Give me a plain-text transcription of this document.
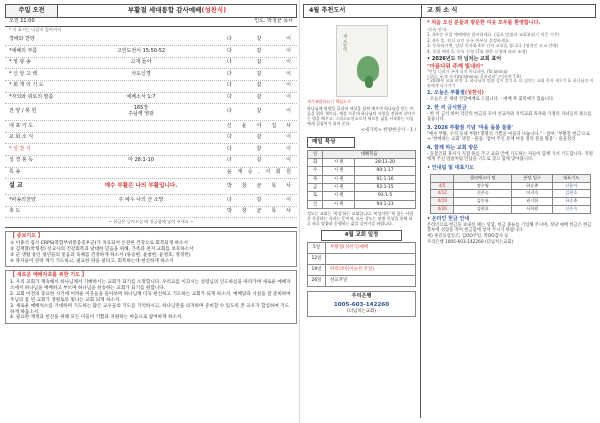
주일 오전	부활절 세대통합 감사예배 (성찬식)
오전 11:00	인도: 박창균 목사
* 이 표시는 다같이 일어서서
경배와 찬양	다	같	이
*예배의 부름	고린도전서 15:50-52	다	같	이
* 영 광 송	고개 들어	다	같	이
* 신 앙 고 백	사도신경	다	같	이
* 회 개 의 기 도	다	같	이
*자되와 위로의 말씀	예베소서 1:7	다	같	이
찬 양 / 봉 헌	165장
주님께 영광	다	같	이
대 표 기 도	신 윤 아 집 사
교 회 소 식	다	같	이
* 성 찬 식	다	같	이
성 경 봉 독	마 28:1-10	다	같	이
특 송	윤 재 승 , 서 회 원
설 교	예수 부활은 나의 부활입니다.	박 창 균 목 사
*파송의찬양	주 예수 나의 산 소망	다	같	이
축 도	박 창 균 목 사
~ 헌금은 들어오실 때 헌금함에 넣어 주세요 ~
【 중보기도 】

① 이종석 집사 CRPS(복합부위통증증후군)가 치료되어 온전한 건강으로 회복되게 하소서

② 김재환(박형정) 선교사의 건강회복과 달대한 믿음을 위해, 가족과 친지 교회를 보호하소서

③ 군 생활 중인 청년들의 믿음과 육체를 건강하게 하소서 (류승현, 윤창현, 윤정호, 정경빈)

④ 목자들이 연락 계기 기도하고, 필요한 양을 살피고, 회복하는데 헌신하게 하소서

【 새로운 예배자초를 위한 기도 】

1. 우리 교회가 계속해서 하나님께서 기뻐하시는 교회가 되기를 소망합니다. 우리교를 이끄시는 성령님의 인도하심을 따라가며 새로운 예배자소에서 하나님을 예배하고 부르며 하나님을 찬송하는 교회가 되기를 원합니다.

2. 교회 이전의 중요한 시기에 어려운 이웃들을 돌아보며 하나님께 더욱 헌신하고 기도하는 교회가 되게 하소서. 예배당과 시설을 잘 준비하여 주님의 몸 된 교회가 영원토록 빛나는 교회 되게 하소서.

3. 새로운 예배처소를 기대하며 기도하는 많은 교우들의 기도를 기억하시고, 하나님만을 의지하며 준비할 수 있도록 본 교우가 합심하여 기도하게 하옵소서.

4. 필요한 재정과 헌신을 위해 모든 이들이 기쁨과 자원하는 마음으로 참여하게 하소서.

4월 추천도서	교 회 소 식
새 사람이
새가족환하묘기 책임도서
하나님께 영광을 돌리며 세상을 힘써 배우며 하나님을 믿는 이들을 위한 책이다. 세상 가운데 하나님의 사랑을 전하며 살아가는 법을 배우고, 그리스도인으로서 새로운 삶을 시작하는 이들에게 길잡이가 되어 준다.
<새가족> 한양한산사 - 1 /
매일 묵상
일	대헤복음	
화	시 편	28:11-20
수	시 편	90:1-17
목	시 편	91:1-16
금	시 편	92:1-15
토	시 편	93:1-5
일	시 편	94:1-23
성도는 교회는 '복성'하는 교회입니다. 복성이란 '복 있는 사람은 묵상하는 자라는 뜻이며, 모든 성도는 말씀 묵상을 통해 하루 하루 말씀과 동행하는 삶을 살아가길 바랍니다.
4월 교회 일정
5일	부활절(성찬식)예배
12일	
19일	하폭의미(이슬찬 주일)
26일	선교주일
우리은행
1005-603-142260
(더넘치는교회)
* 처음 오신 분들과 방문한 이웃 모두를 환영합니다.
-등록 안내-
1. 4주간 주일 예배에만 참여하세요. (필요 말씀과 교회분위기 적응 기간)
2. 4주 후, 원식 교인 등록 여부를 결정하세요.
3. 등록하시면, 담당 목자와 4주 간의 교육을 합니다. (영적인 모교 안에)
4. 목장 배정 5. 등록 신청 (7회 행한 신청에 따라 조정)
• 2026년도 더 넘치는 교회 표어
"아름다워 주께 빛내라"
"만일 너희가 곤게 되지 아니하면, (Ta'amina)
너희는 굳게 서지(ta'amenu) 못하리라" (이사야 7:9)
* 2026년 교회 비전: 1. 하나님의 말씀 깊이 알기 2. 더 넘치는 교회 목자 세우기 3. 하나님의 이웃에게 다가가기
1. 오늘은 부활절(성찬식)
- 오늘은 온 세대 연합예배로 드립니다. - 예배 후 회복예가 있습니다.
2. 한 끼 금식헌금
- 한 끼 금식 하여 약간의 헌금을 모아 선교사와 지역교회 목자와 가정의 자녀들의 필요를 돕습니다.
3. 2026 부활절 기념 '마을 돌봄 물품'
"예수 부활, 우리 동네 부활! 명명의 기쁨을 마을과 나눕니다." - 참여: '부활절 헌금'으로 → '헌에따는 교회' 방문 - 물품: '참여 주신 분께 마을 정리 물품 활용' - 물품정리
4. 함께 하는 교회 방문
- 돌봄인회 목자가 직접 휴를 주고 교회 안에 기도하는 자들이 함께 가서 기도합니다. 직원에게 주신 말씀처럼 만남을 기도로 찾고 함께 맞아봅니다.
• 안내팀 및 대표기도
	헬리에스터 팀	본당 입구	대표기도
4/5	정수영	하승춘	신윤아
4/12	신은숙	이지숙	김현호
4/19	김숭유	권기한	하승춘
4/26	김현호	서희원	신은숙
• 온라인 헌금 안내
온라인으로 헌금을 보내실 때는 성함, 헌금 종류를 기입해 주시며, 정당 예배 헌금은 헌금봉투에 성함을 적어 헌금함에 넣어 주시기 바랍니다.
예) 홍길동십일조, 김OO주일, 박OO감사 등
우리은행 1005-603-142260 (더넘치는교회)
